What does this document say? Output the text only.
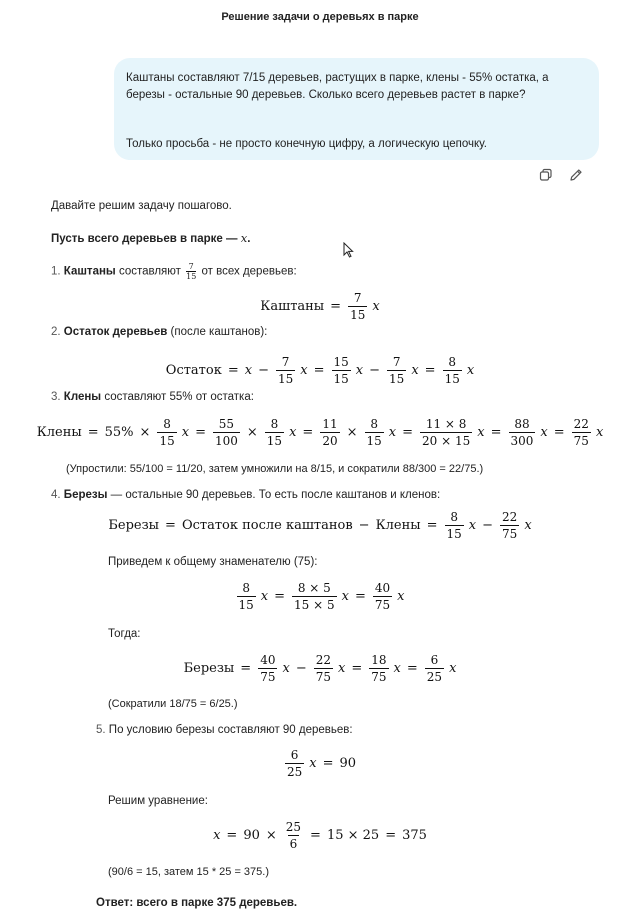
Решение задачи о деревьях в парке

Каштаны составляют 7/15 деревьев, растущих в парке, клены - 55% остатка, а березы - остальные 90 деревьев. Сколько всего деревьев растет в парке?

Только просьба - не просто конечную цифру, а логическую цепочку.

Давайте решим задачу пошагово.
Пусть всего деревьев в парке — x.
1. Каштаны составляют $\frac{7}{15}$ от всех деревьев:
Каштаны = $\frac{7}{15}$ x
2. Остаток деревьев (после каштанов):
Остаток = $x - \frac{7}{15}$ $x = \frac{15}{15}$ $x - \frac{7}{15}$ $x = \frac{8}{15}$ x
3. Клены составляют 55% от остатка:
Клены = $55\% \times \frac{8}{15}$ $x = \frac{55}{100} \times \frac{8}{15}$ $x = \frac{11}{20} \times \frac{8}{15}$ $x = \frac{11 \times 8}{20 \times 15}$ $x = \frac{88}{300}$ $x = \frac{22}{75}$ x
(Упростили: 55/100 = 11/20, затем умножили на 8/15, и сократили 88/300 = 22/75.)
4. Березы — остальные 90 деревьев. То есть после каштанов и кленов:
Березы = Остаток после каштанов − Клены = $\frac{8}{15}$ $x - \frac{22}{75}$ x
Приведем к общему знаменателю (75):
$\frac{8}{15}$ $x = \frac{8 \times 5}{15 \times 5}$ $x = \frac{40}{75}$ x
Тогда:
Березы = $\frac{40}{75}$ $x - \frac{22}{75}$ $x = \frac{18}{75}$ $x = \frac{6}{25}$ x
(Сократили 18/75 = 6/25.)
5. По условию березы составляют 90 деревьев:
$\frac{6}{25}$ x = 90
Решим уравнение:
$x = 90 \times \frac{25}{6} = 15 \times 25 = 375$
(90/6 = 15, затем 15 * 25 = 375.)
Ответ: всего в парке 375 деревьев.
